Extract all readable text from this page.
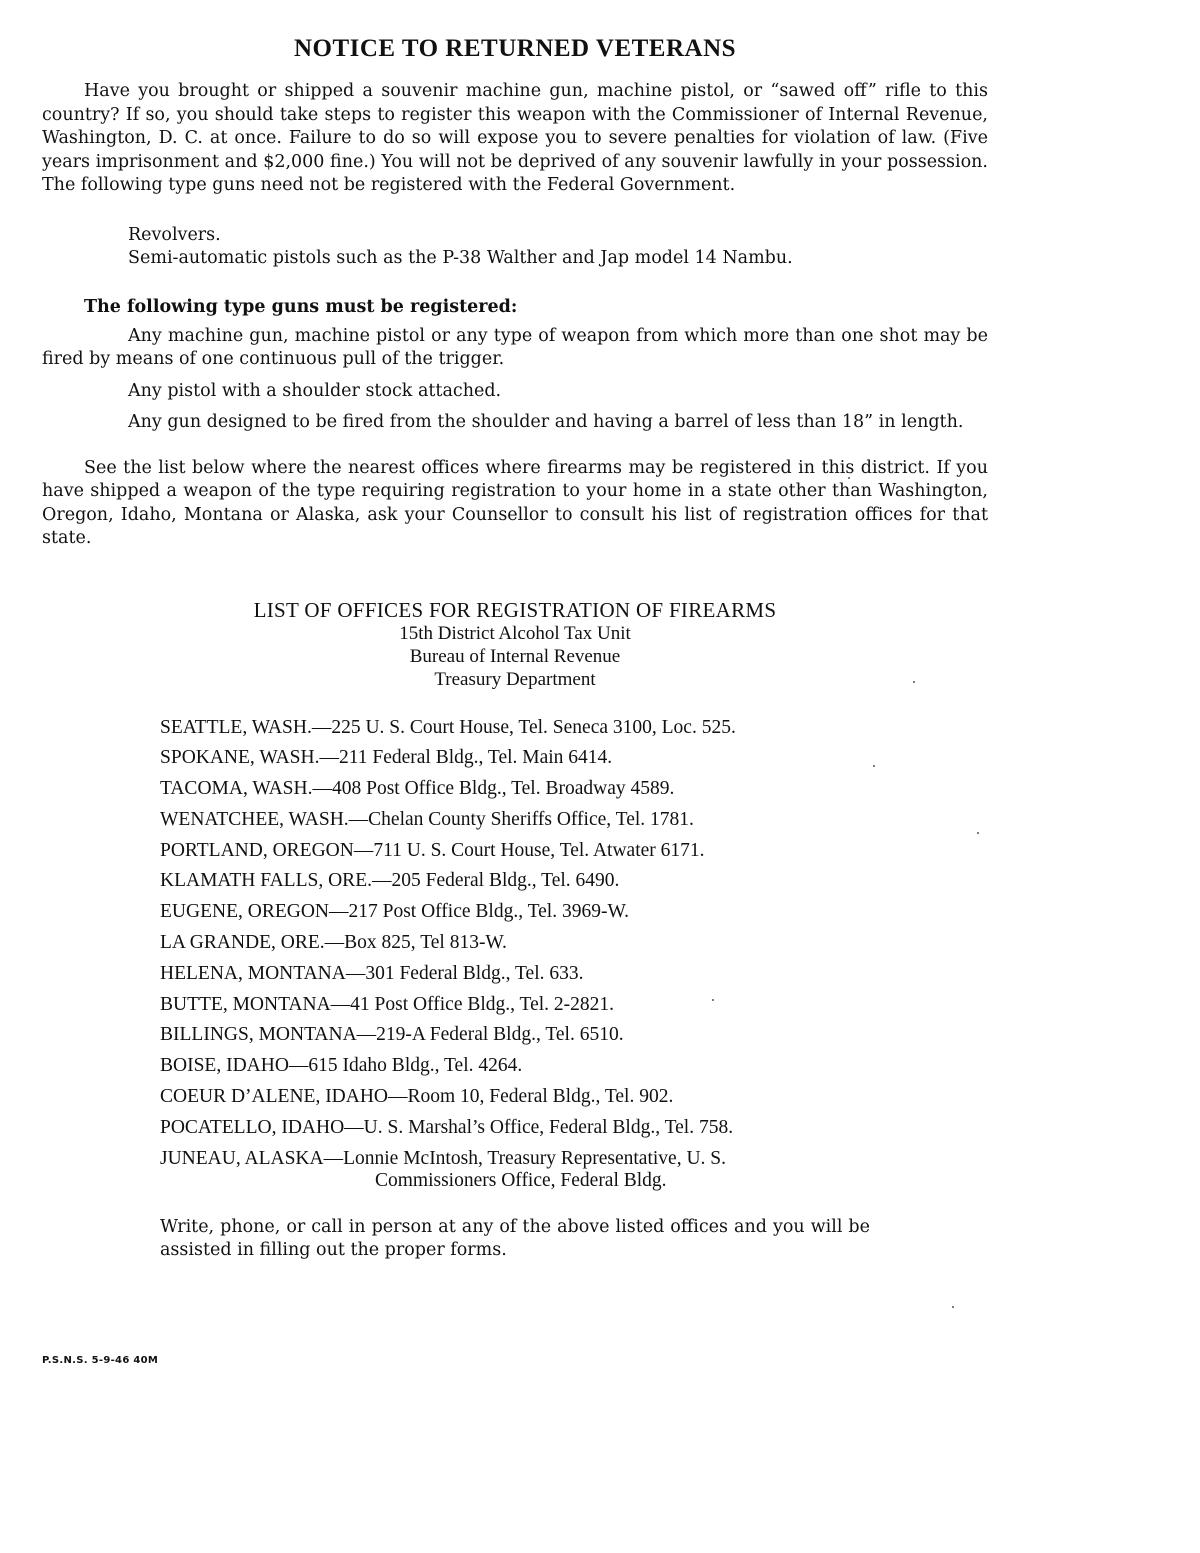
NOTICE TO RETURNED VETERANS

Have you brought or shipped a souvenir machine gun, machine pistol, or “sawed off” rifle to this country? If so, you should take steps to register this weapon with the Commissioner of Internal Revenue, Washington, D. C. at once. Failure to do so will expose you to severe penalties for violation of law. (Five years imprisonment and $2,000 fine.) You will not be deprived of any souvenir lawfully in your possession. The following type guns need not be registered with the Federal Government.

Revolvers.
Semi-automatic pistols such as the P-38 Walther and Jap model 14 Nambu.
The following type guns must be registered:

Any machine gun, machine pistol or any type of weapon from which more than one shot may be fired by means of one continuous pull of the trigger.

Any pistol with a shoulder stock attached.

Any gun designed to be fired from the shoulder and having a barrel of less than 18” in length.

See the list below where the nearest offices where firearms may be registered in this district. If you have shipped a weapon of the type requiring registration to your home in a state other than Washington, Oregon, Idaho, Montana or Alaska, ask your Counsellor to consult his list of registration offices for that state.

LIST OF OFFICES FOR REGISTRATION OF FIREARMS
15th District Alcohol Tax Unit
Bureau of Internal Revenue
Treasury Department
SEATTLE, WASH.—225 U. S. Court House, Tel. Seneca 3100, Loc. 525.
SPOKANE, WASH.—211 Federal Bldg., Tel. Main 6414.
TACOMA, WASH.—408 Post Office Bldg., Tel. Broadway 4589.
WENATCHEE, WASH.—Chelan County Sheriffs Office, Tel. 1781.
PORTLAND, OREGON—711 U. S. Court House, Tel. Atwater 6171.
KLAMATH FALLS, ORE.—205 Federal Bldg., Tel. 6490.
EUGENE, OREGON—217 Post Office Bldg., Tel. 3969-W.
LA GRANDE, ORE.—Box 825, Tel 813-W.
HELENA, MONTANA—301 Federal Bldg., Tel. 633.
BUTTE, MONTANA—41 Post Office Bldg., Tel. 2-2821.
BILLINGS, MONTANA—219-A Federal Bldg., Tel. 6510.
BOISE, IDAHO—615 Idaho Bldg., Tel. 4264.
COEUR D’ALENE, IDAHO—Room 10, Federal Bldg., Tel. 902.
POCATELLO, IDAHO—U. S. Marshal’s Office, Federal Bldg., Tel. 758.
JUNEAU, ALASKA—Lonnie McIntosh, Treasury Representative, U. S.
Commissioners Office, Federal Bldg.

Write, phone, or call in person at any of the above listed offices and you will be assisted in filling out the proper forms.

P.S.N.S. 5-9-46 40M
